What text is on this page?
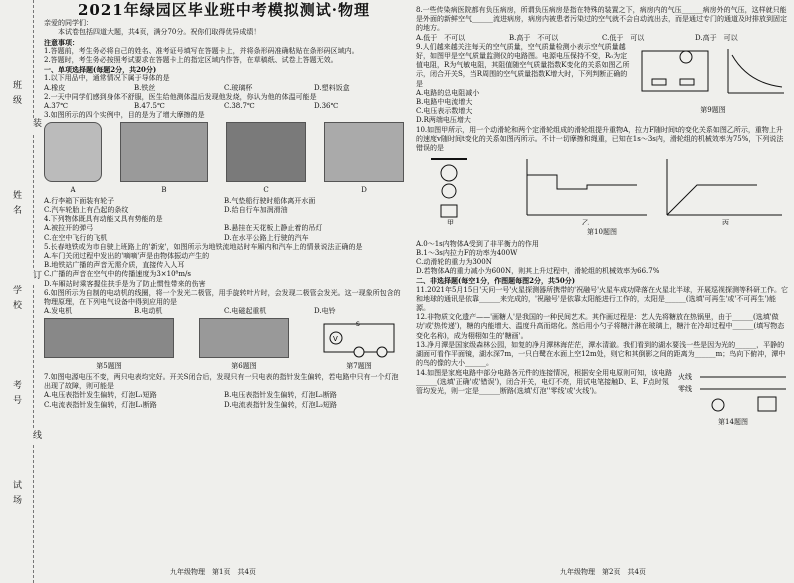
班级
姓名
学校
考号
试场
装
订
线
2021年绿园区毕业班中考模拟测试·物理
亲爱的同学们：
本试卷包括四道大题，共4页，满分70分。祝你们取得优异成绩！
注意事项：
1.答题前，考生务必将自己的姓名、准考证号填写在答题卡上，并将条形码准确粘贴在条形码区域内。
2.答题时，考生务必按照考试要求在答题卡上的指定区域内作答，在草稿纸、试卷上答题无效。
一、单项选择题(每题2分，共20分)
1.以下用品中，通常情况下属于导体的是
A.橡皮	B.铁丝	C.玻璃杯	D.塑料饭盒
2.一天中同学们感到身体不舒服，医生给他测体温后发现他发烧，你认为他的体温可能是
A.37℃	B.47.5℃	C.38.7℃	D.36℃
3.如图所示的四个实例中，目的是为了增大摩擦的是
A	B	C	D
A.行李箱下面装有轮子	B.气垫船行驶时船体离开水面
C.汽车轮胎上有凸起的条纹	D.给自行车加润滑油
4.下列物体既具有动能又具有势能的是
A.被拉开的弹弓	B.悬挂在天花板上静止着的吊灯
C.在空中飞行的飞机	D.在水平公路上行驶的汽车
5.长春地铁或为市自驶上班路上的'新宠'，如图所示为地铁流地站时车厢内和汽车上的情景说法正确的是
A.车门关闭过程中发出的'嘀嘀'声是由物体振动产生的
B.地铁站广播的声音无需介质，直接传入人耳
C.广播的声音在空气中的传播速度为3×10⁸m/s
D.车厢站时乘客握住扶手是为了防止惯性带来的伤害
6.如图所示为自制的电动机的线圈，将一个发光二极管，用手旋转叶片时，会发现二极管会发光。这一现象所包含的物理原理，在下列电气设备中得到应用的是
A.发电机	B.电动机	C.电磁起重机	D.电铃
第5题图	第6题图
V
S
第7题图
7.如图电源电压不变，两只电表均完好。开关S闭合后，发现只有一只电表的指针发生偏转，若电路中只有一个灯泡出现了故障，则可能是
A.电压表指针发生偏转，灯泡L₁短路	B.电压表指针发生偏转，灯泡L₂断路
C.电流表指针发生偏转，灯泡L₁断路	D.电流表指针发生偏转，灯泡L₂短路
九年级物理　第1页　共4页
8.一些传染病医院都有负压病房，所谓负压病房是指在特殊的装置之下，病房内的气压______病房外的气压，这样就只能是外面的新鲜空气______流进病房，病房内被患者污染过的空气就不会自动流出去，而是通过专门的通道及时排放到固定的地方。
A.低于　不可以	B.高于　不可以	C.低于　可以	D.高于　可以
9.人们越来越关注每天的空气质量，空气质量检测小表示空气质量越好，如图甲是空气质量监测仪的电路图。电源电压保持不变，R₀为定值电阻，R为气敏电阻，其阻值随空气质量指数K变化的关系如图乙所示，闭合开关S，当R周围的空气质量指数K增大时，下列判断正确的是
A.电路的总电阻减小
B.电路中电流增大
C.电压表示数增大
D.R两端电压增大
第9题图
10.如图甲所示，用一个动滑轮和两个定滑轮组成的滑轮组提升重物A，拉力F随时间t的变化关系如图乙所示，重物上升的速度v随时间t变化的关系如图丙所示。不计一切摩擦和绳重，已知在1s～3s内，滑轮组的机械效率为75%，下列说法错误的是
甲	乙	丙
第10题图
A.0～1s内物体A受到了非平衡力的作用
B.1～3s内拉力F的功率为400W
C.动滑轮的重力为300N
D.若物体A的重力减小为600N，则其上升过程中，滑轮组的机械效率为66.7%
二、非选择题(每空1分，作图题每图2分，共50分)
11.2021年5月15日'天问一号'火星探测器所携带的'祝融号'火星车成功降落在火星北半球，开展巡视探测等科研工作。它和地球的通讯是依靠______来完成的，'祝融号'是依靠太阳能进行工作的，太阳是______(选填'可再生'或'不可再生')能源。
12.非物质文化遗产——'画糖人'是我国的一种民间艺术。其作画过程是：艺人先将糖放在热锅里，由于______(选填'做功'或'热传递')，糖的内能增大、温度升高而熔化。然后用小勺子将糖汁淋在玻璃上，糖汁在冷却过程中______(填写物态变化名称)，成为栩栩如生的'糖画'。
13.净月潭是国家级森林公园，如复的净月潭林海茫茫，潭水清澈。我们看到的湖水要浅一些是因为光的______，平静的湖面可看作平面镜，湖水深7m，一只白鹭在水面上空12m处，则它和其倒影之间的距离为______m；鸟向下俯冲，潭中的鸟的像的大小______。
14.如图是家庭电路中部分电路各元件的连接情况，根据安全用电原则可知，该电路______(选填'正确'或'错误')，闭合开关，电灯不亮，用试电笔接触D、E、F点时氖管均发光，则一定是______断路(选填'灯泡''零线'或'火线')。
火线
零线
第14题图
九年级物理　第2页　共4页
